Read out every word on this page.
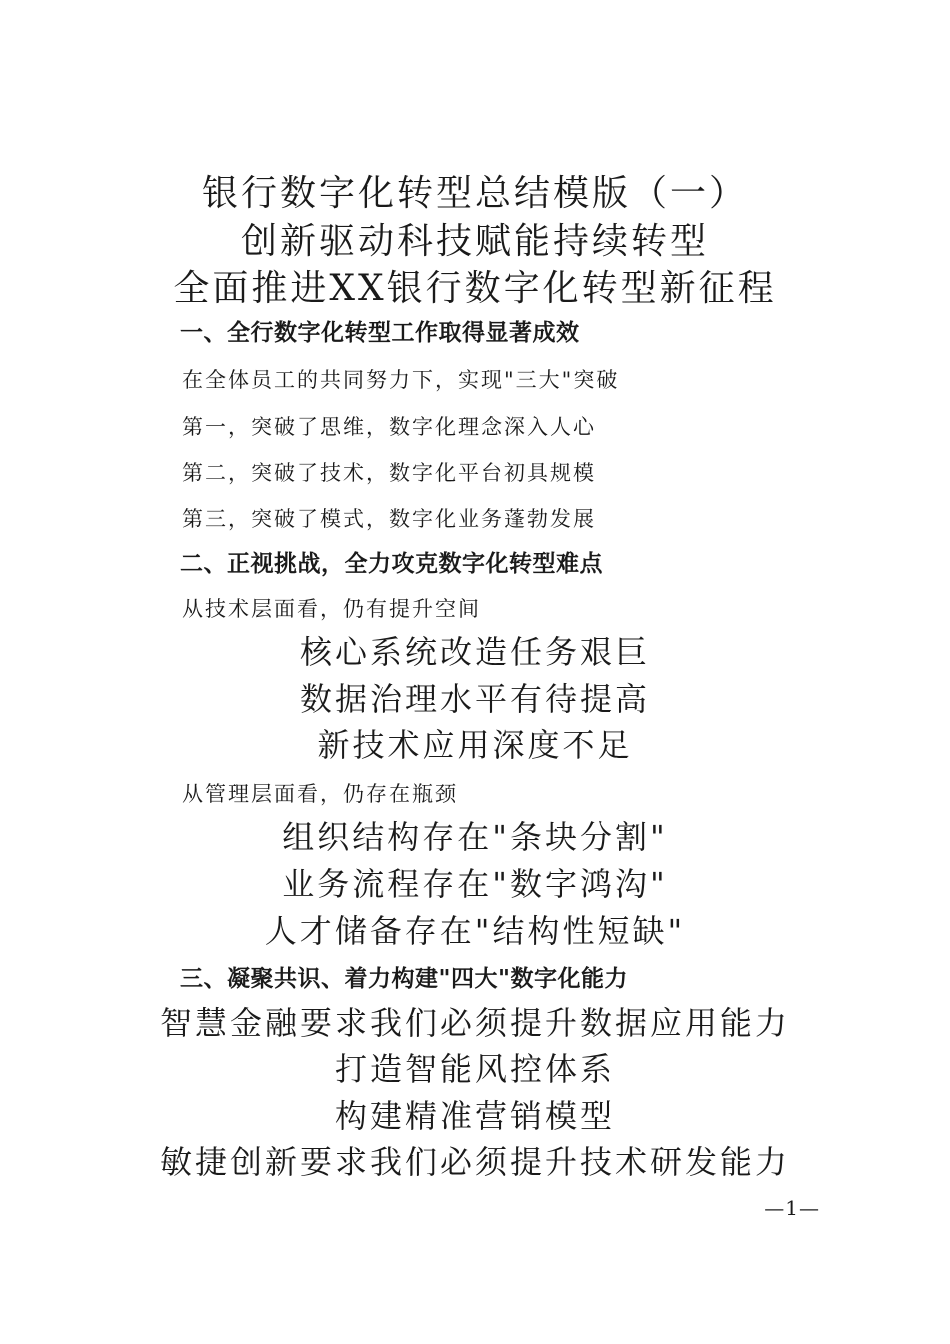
银行数字化转型总结模版（一）
创新驱动科技赋能持续转型
全面推进XX银行数字化转型新征程
一、全行数字化转型工作取得显著成效
在全体员工的共同努力下，实现"三大"突破
第一，突破了思维，数字化理念深入人心
第二，突破了技术，数字化平台初具规模
第三，突破了模式，数字化业务蓬勃发展
二、正视挑战，全力攻克数字化转型难点
从技术层面看，仍有提升空间
核心系统改造任务艰巨
数据治理水平有待提高
新技术应用深度不足
从管理层面看，仍存在瓶颈
组织结构存在"条块分割"
业务流程存在"数字鸿沟"
人才储备存在"结构性短缺"
三、凝聚共识、着力构建"四大"数字化能力
智慧金融要求我们必须提升数据应用能力
打造智能风控体系
构建精准营销模型
敏捷创新要求我们必须提升技术研发能力
—1—
